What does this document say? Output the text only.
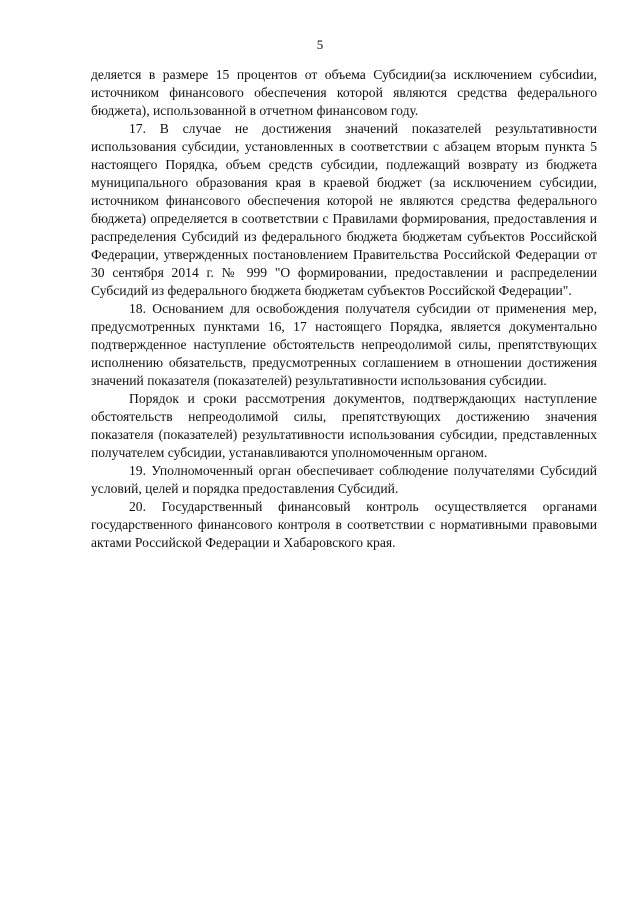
5

деляется в размере 15 процентов от объема Субсидии(за исключением субсиdии, источником финансового обеспечения которой являются средства федерального бюджета), использованной в отчетном финансовом году.

17. В случае не достижения значений показателей результативности использования субсидии, установленных в соответствии с абзацем вторым пункта 5 настоящего Порядка, объем средств субсидии, подлежащий возврату из бюджета муниципального образования края в краевой бюджет (за исключением субсидии, источником финансового обеспечения которой не являются средства федерального бюджета) определяется в соответствии с Правилами формирования, предоставления и распределения Субсидий из федерального бюджета бюджетам субъектов Российской Федерации, утвержденных постановлением Правительства Российской Федерации от 30 сентября 2014 г. № 999 "О формировании, предоставлении и распределении Субсидий из федерального бюджета бюджетам субъектов Российской Федерации".

18. Основанием для освобождения получателя субсидии от применения мер, предусмотренных пунктами 16, 17 настоящего Порядка, является документально подтвержденное наступление обстоятельств непреодолимой силы, препятствующих исполнению обязательств, предусмотренных соглашением в отношении достижения значений показателя (показателей) результативности использования субсидии.

Порядок и сроки рассмотрения документов, подтверждающих наступление обстоятельств непреодолимой силы, препятствующих достижению значения показателя (показателей) результативности использования субсидии, представленных получателем субсидии, устанавливаются уполномоченным органом.

19. Уполномоченный орган обеспечивает соблюдение получателями Субсидий условий, целей и порядка предоставления Субсидий.

20. Государственный финансовый контроль осуществляется органами государственного финансового контроля в соответствии с нормативными правовыми актами Российской Федерации и Хабаровского края.
